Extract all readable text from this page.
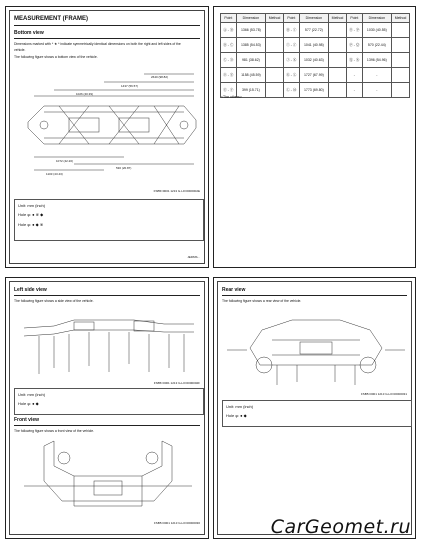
MEASUREMENT (FRAME)
Bottom view
Dimensions marked with * ★ * indicate symmetrically identical dimensions on both the right and left sides of the
vehicle.
The following figure shows a bottom view of the vehicle.
2640 (98.82)
1437 (56.57)
1026 (40.39)
1072 (42.20)
530 (20.87)
1103 (43.43)
FSB5=0001 1213 G-L0=0000002E
Unit: mm (inch)
Hole φ: ● ※ ◆
Hole φ: ● ◆ ※
JEDMS...
Point	Dimension	Method	Point	Dimension	Method	Point	Dimension	Method
Ⓐ - Ⓑ	1366 (53.78)		Ⓗ - Ⓘ	577 (22.72)		Ⓞ - Ⓟ	1030 (40.55)	
Ⓑ - Ⓒ	1385 (54.53)		Ⓘ - Ⓙ	1041 (40.98)		Ⓟ - Ⓠ	570 (22.44)	
Ⓒ - Ⓓ	981 (38.62)		Ⓙ - Ⓚ	1032 (40.63)		Ⓠ - Ⓡ	1396 (54.96)	
Ⓓ - Ⓔ	1158 (45.59)		Ⓚ - Ⓛ	1727 (67.99)		-	-	
Ⓔ - Ⓕ	399 (15.71)		Ⓛ - Ⓜ	1773 (69.80)		-	-	
<The others>
Left side view
The following figure shows a side view of the vehicle.
FSB5=0001 1213 G-L0=0000002F
Unit: mm (inch)
Hole φ: ● ◆
Front view
The following figure shows a front view of the vehicle.
FSB5=0001 1213 G-L0=00000030
Rear view
The following figure shows a rear view of the vehicle.
FSB5=0001 1213 G-L0=00000031
Unit: mm (inch)
Hole φ: ● ◆
CarGeomet.ru
